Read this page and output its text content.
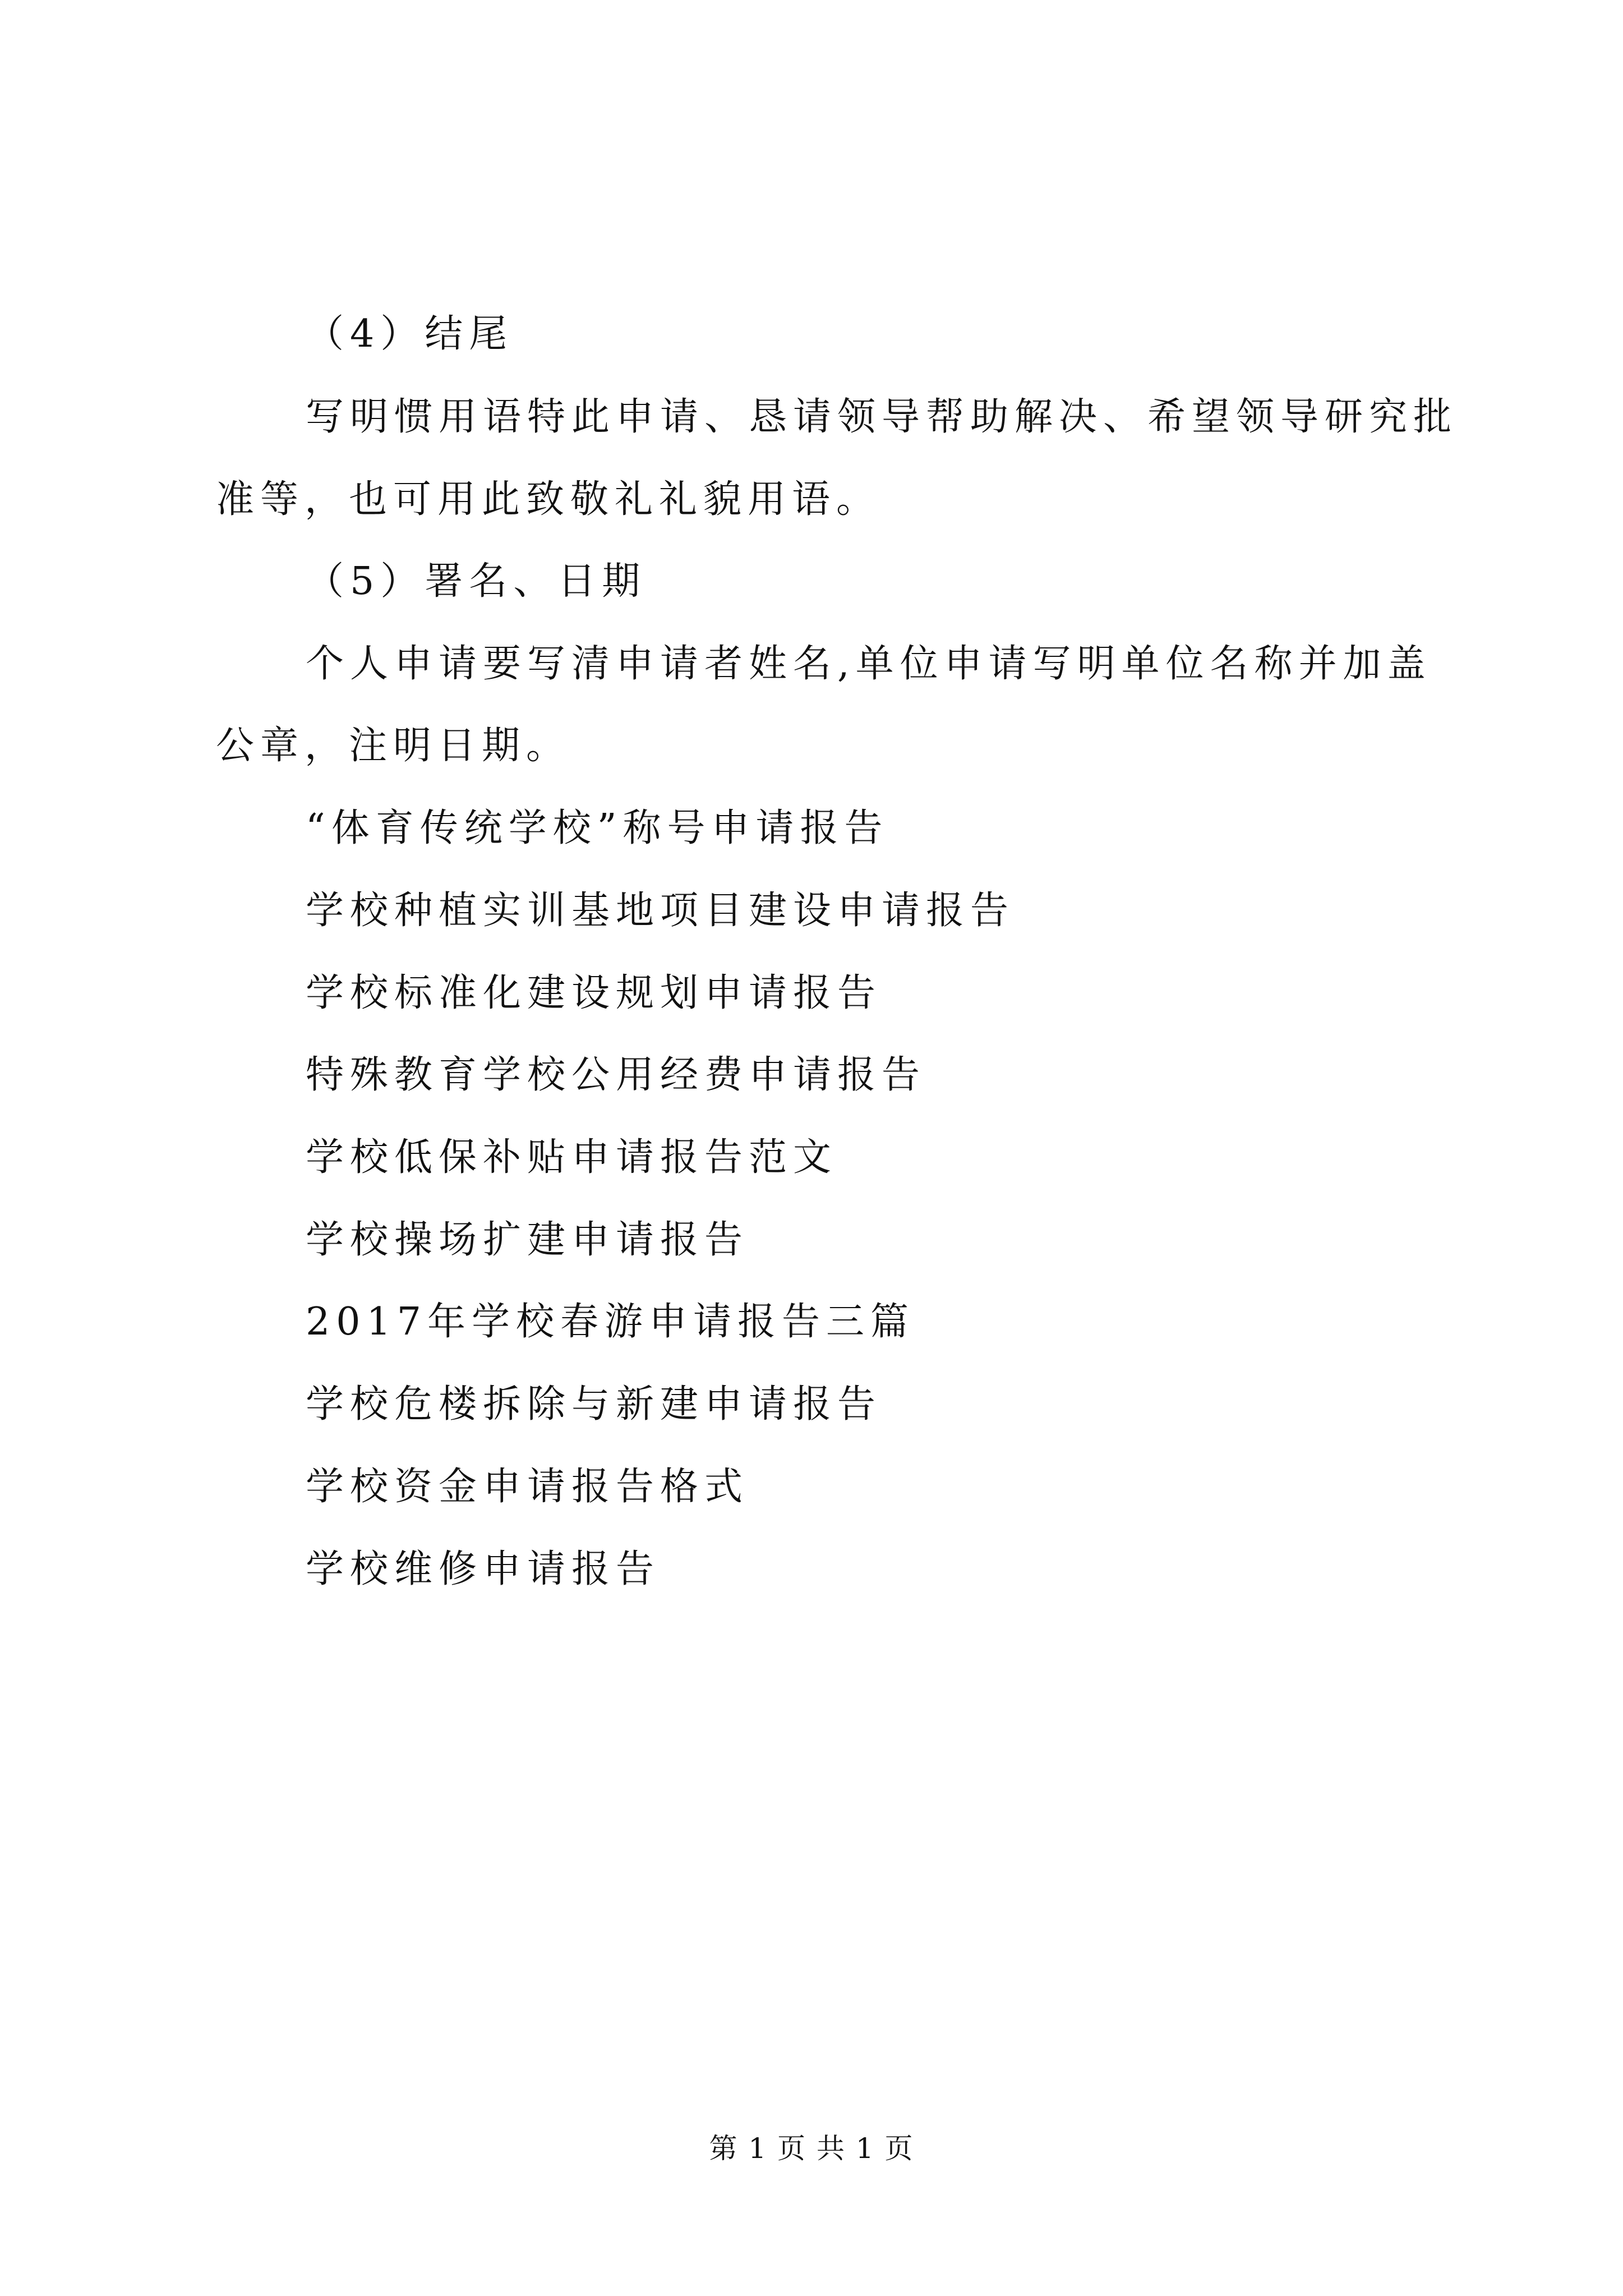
（4）结尾
写明惯用语特此申请、恳请领导帮助解决、希望领导研究批
准等，也可用此致敬礼礼貌用语。
（5）署名、日期
个人申请要写清申请者姓名,单位申请写明单位名称并加盖
公章，注明日期。
“体育传统学校”称号申请报告
学校种植实训基地项目建设申请报告
学校标准化建设规划申请报告
特殊教育学校公用经费申请报告
学校低保补贴申请报告范文
学校操场扩建申请报告
2017年学校春游申请报告三篇
学校危楼拆除与新建申请报告
学校资金申请报告格式
学校维修申请报告
第 1 页 共 1 页
